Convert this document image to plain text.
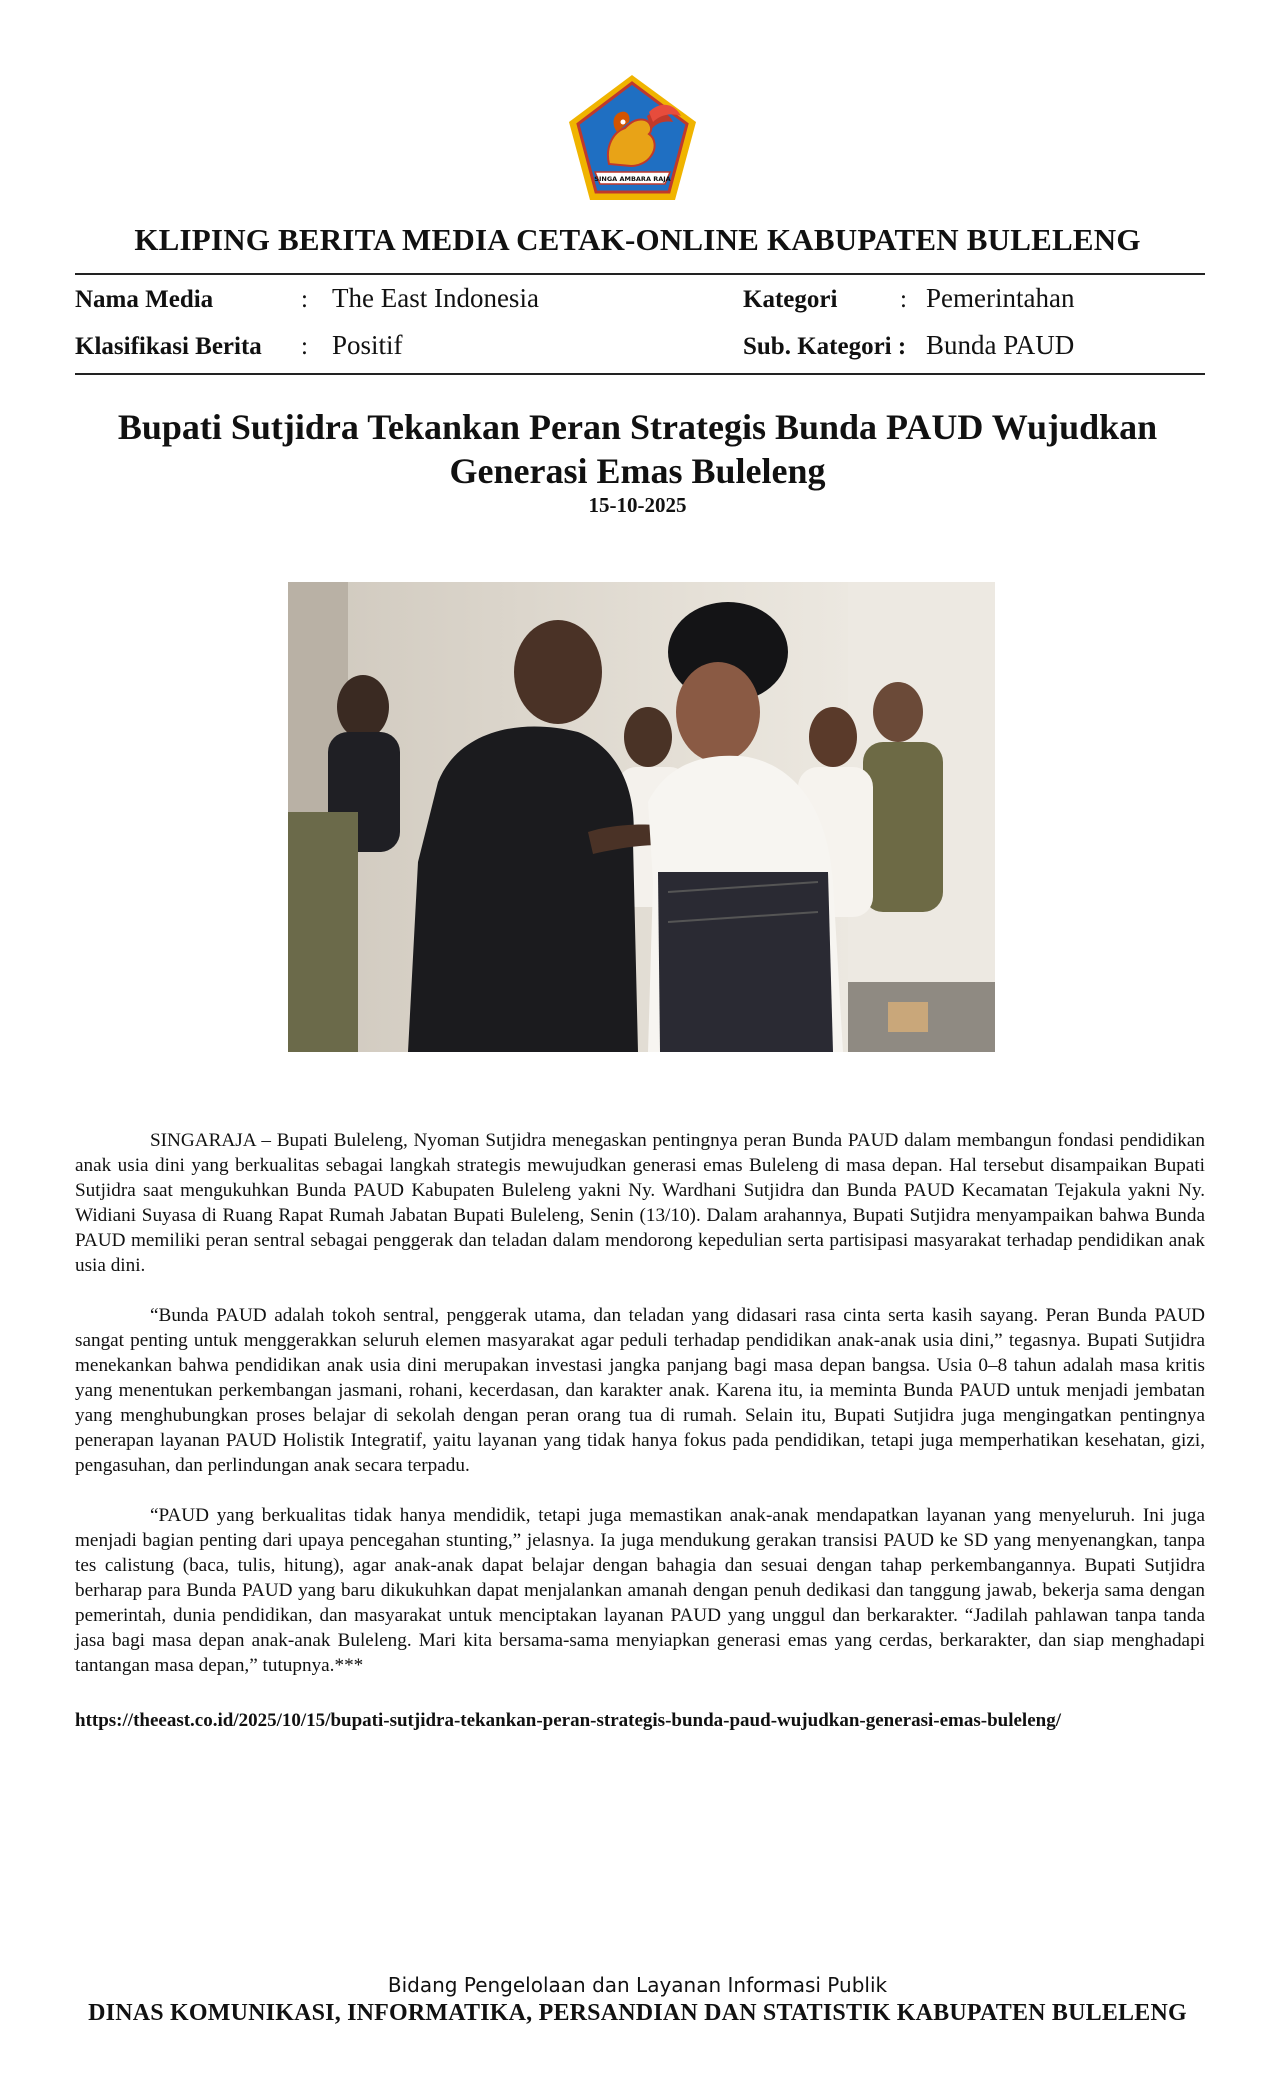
SINGA AMBARA RAJA
KLIPING BERITA MEDIA CETAK-ONLINE KABUPATEN BULELENG
Nama Media	: The East Indonesia
Klasifikasi Berita : Positif
Kategori	: Pemerintahan
Sub. Kategori : Bunda PAUD
Bupati Sutjidra Tekankan Peran Strategis Bunda PAUD Wujudkan
Generasi Emas Buleleng
15-10-2025

SINGARAJA – Bupati Buleleng, Nyoman Sutjidra menegaskan pentingnya peran Bunda PAUD dalam membangun fondasi pendidikan anak usia dini yang berkualitas sebagai langkah strategis mewujudkan generasi emas Buleleng di masa depan. Hal tersebut disampaikan Bupati Sutjidra saat mengukuhkan Bunda PAUD Kabupaten Buleleng yakni Ny. Wardhani Sutjidra dan Bunda PAUD Kecamatan Tejakula yakni Ny. Widiani Suyasa di Ruang Rapat Rumah Jabatan Bupati Buleleng, Senin (13/10). Dalam arahannya, Bupati Sutjidra menyampaikan bahwa Bunda PAUD memiliki peran sentral sebagai penggerak dan teladan dalam mendorong kepedulian serta partisipasi masyarakat terhadap pendidikan anak usia dini.

“Bunda PAUD adalah tokoh sentral, penggerak utama, dan teladan yang didasari rasa cinta serta kasih sayang. Peran Bunda PAUD sangat penting untuk menggerakkan seluruh elemen masyarakat agar peduli terhadap pendidikan anak-anak usia dini,” tegasnya. Bupati Sutjidra menekankan bahwa pendidikan anak usia dini merupakan investasi jangka panjang bagi masa depan bangsa. Usia 0–8 tahun adalah masa kritis yang menentukan perkembangan jasmani, rohani, kecerdasan, dan karakter anak. Karena itu, ia meminta Bunda PAUD untuk menjadi jembatan yang menghubungkan proses belajar di sekolah dengan peran orang tua di rumah. Selain itu, Bupati Sutjidra juga mengingatkan pentingnya penerapan layanan PAUD Holistik Integratif, yaitu layanan yang tidak hanya fokus pada pendidikan, tetapi juga memperhatikan kesehatan, gizi, pengasuhan, dan perlindungan anak secara terpadu.

“PAUD yang berkualitas tidak hanya mendidik, tetapi juga memastikan anak-anak mendapatkan layanan yang menyeluruh. Ini juga menjadi bagian penting dari upaya pencegahan stunting,” jelasnya. Ia juga mendukung gerakan transisi PAUD ke SD yang menyenangkan, tanpa tes calistung (baca, tulis, hitung), agar anak-anak dapat belajar dengan bahagia dan sesuai dengan tahap perkembangannya. Bupati Sutjidra berharap para Bunda PAUD yang baru dikukuhkan dapat menjalankan amanah dengan penuh dedikasi dan tanggung jawab, bekerja sama dengan pemerintah, dunia pendidikan, dan masyarakat untuk menciptakan layanan PAUD yang unggul dan berkarakter. “Jadilah pahlawan tanpa tanda jasa bagi masa depan anak-anak Buleleng. Mari kita bersama-sama menyiapkan generasi emas yang cerdas, berkarakter, dan siap menghadapi tantangan masa depan,” tutupnya.***

https://theeast.co.id/2025/10/15/bupati-sutjidra-tekankan-peran-strategis-bunda-paud-wujudkan-generasi-emas-buleleng/
Bidang Pengelolaan dan Layanan Informasi Publik
DINAS KOMUNIKASI, INFORMATIKA, PERSANDIAN DAN STATISTIK KABUPATEN BULELENG
